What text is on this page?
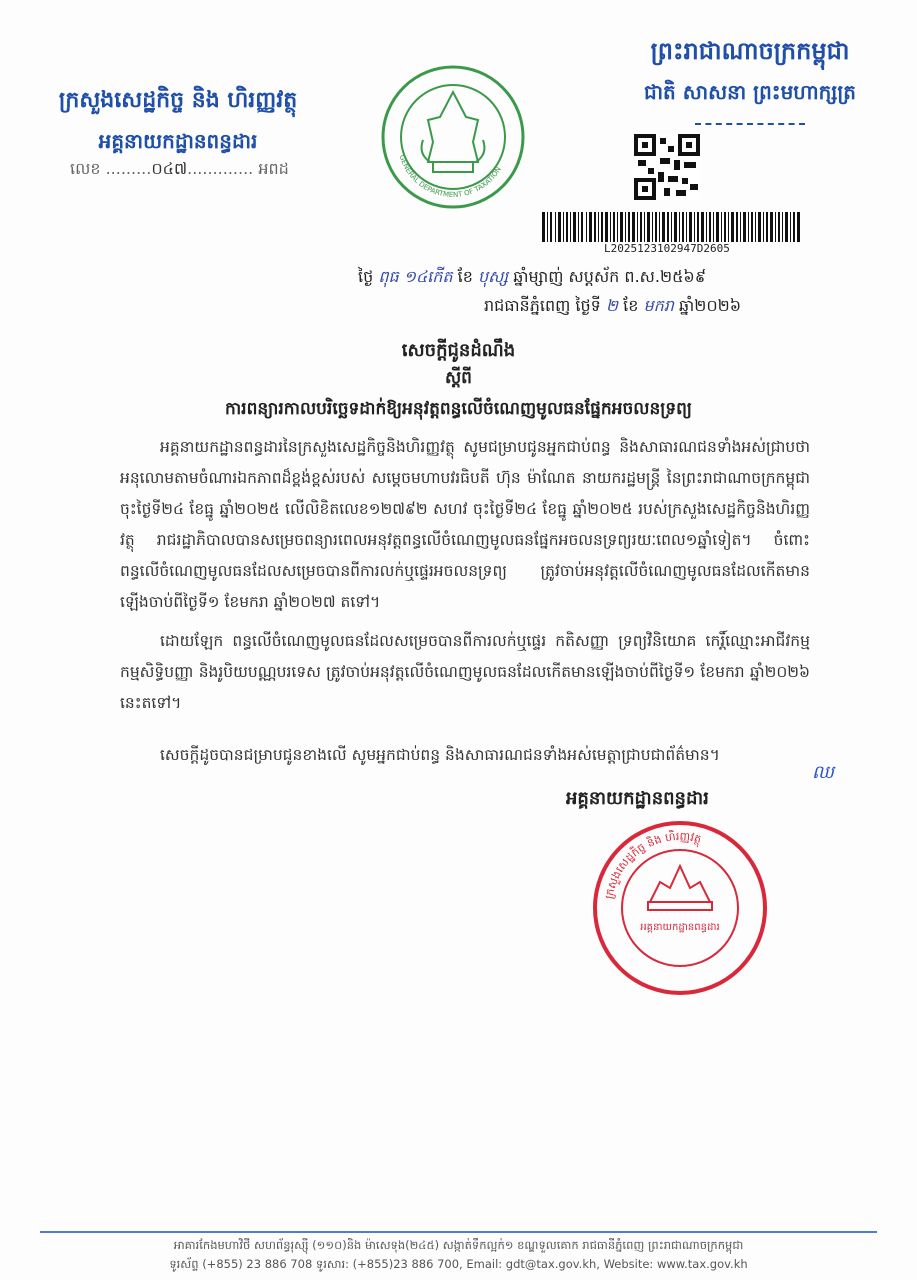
ក្រសួងសេដ្ឋកិច្ច និង ហិរញ្ញវត្ថុ
អគ្គនាយកដ្ឋានពន្ធដារ
លេខ .........០៤៧............. អពដ
GENERAL DEPARTMENT OF TAXATION
ព្រះរាជាណាចក្រកម្ពុជា
ជាតិ សាសនា ព្រះមហាក្សត្រ
L2025123102947D2605
ថ្ងៃ ពុធ ១៤កើត ខែ បុស្ស ឆ្នាំម្សាញ់ សប្តស័ក ព.ស.២៥៦៩
រាជធានីភ្នំពេញ ថ្ងៃទី ២ ខែ មករា ឆ្នាំ២០២៦
សេចក្តីជូនដំណឹង
ស្តីពី
ការពន្យារកាលបរិច្ឆេទដាក់ឱ្យអនុវត្តពន្ធលើចំណេញមូលធនផ្នែកអចលនទ្រព្យ
អគ្គនាយកដ្ឋានពន្ធដារនៃក្រសួងសេដ្ឋកិច្ចនិងហិរញ្ញវត្ថុ សូមជម្រាបជូនអ្នកជាប់ពន្ធ និងសាធារណជនទាំងអស់ជ្រាបថា អនុលោមតាមចំណារឯកភាពដ៏ខ្ពង់ខ្ពស់របស់ សម្តេចមហាបវរធិបតី ហ៊ុន ម៉ាណែត នាយករដ្ឋមន្ត្រី នៃព្រះរាជាណាចក្រកម្ពុជា ចុះថ្ងៃទី២៤ ខែធ្នូ ឆ្នាំ២០២៥ លើលិខិតលេខ១២៧៩២ សហវ ចុះថ្ងៃទី២៤ ខែធ្នូ ឆ្នាំ២០២៥ របស់ក្រសួងសេដ្ឋកិច្ចនិងហិរញ្ញវត្ថុ រាជរដ្ឋាភិបាលបានសម្រេចពន្យារពេលអនុវត្តពន្ធលើចំណេញមូលធនផ្នែកអចលនទ្រព្យរយៈពេល១ឆ្នាំទៀត។ ចំពោះពន្ធលើចំណេញមូលធនដែលសម្រេចបានពីការលក់ឬផ្ទេរអចលនទ្រព្យ ត្រូវចាប់អនុវត្តលើចំណេញមូលធនដែលកើតមានឡើងចាប់ពីថ្ងៃទី១ ខែមករា ឆ្នាំ២០២៧ តទៅ។
ដោយឡែក ពន្ធលើចំណេញមូលធនដែលសម្រេចបានពីការលក់ឬផ្ទេរ កតិសញ្ញា ទ្រព្យវិនិយោគ កេរ្តិ៍ឈ្មោះអាជីវកម្ម កម្មសិទ្ធិបញ្ញា និងរូបិយបណ្ណបរទេស ត្រូវចាប់អនុវត្តលើចំណេញមូលធនដែលកើតមានឡើងចាប់ពីថ្ងៃទី១ ខែមករា ឆ្នាំ២០២៦ នេះតទៅ។
សេចក្តីដូចបានជម្រាបជូនខាងលើ សូមអ្នកជាប់ពន្ធ និងសាធារណជនទាំងអស់មេត្តាជ្រាបជាព័ត៌មាន។
ឈ
អគ្គនាយកដ្ឋានពន្ធដារ
ក្រសួងសេដ្ឋកិច្ច និង ហិរញ្ញវត្ថុ
អគ្គនាយកដ្ឋានពន្ធដារ
អាគារកែងមហាវិថី សហព័ន្ធរុស្ស៊ី (១១០)និង ម៉ាសេទុង(២៤៥) សង្កាត់ទឹកល្អក់១ ខណ្ឌទួលគោក រាជធានីភ្នំពេញ ព្រះរាជាណាចក្រកម្ពុជា
ទូរស័ព្ទ (+855) 23 886 708 ទូរសារ: (+855)23 886 700, Email: gdt@tax.gov.kh, Website: www.tax.gov.kh
